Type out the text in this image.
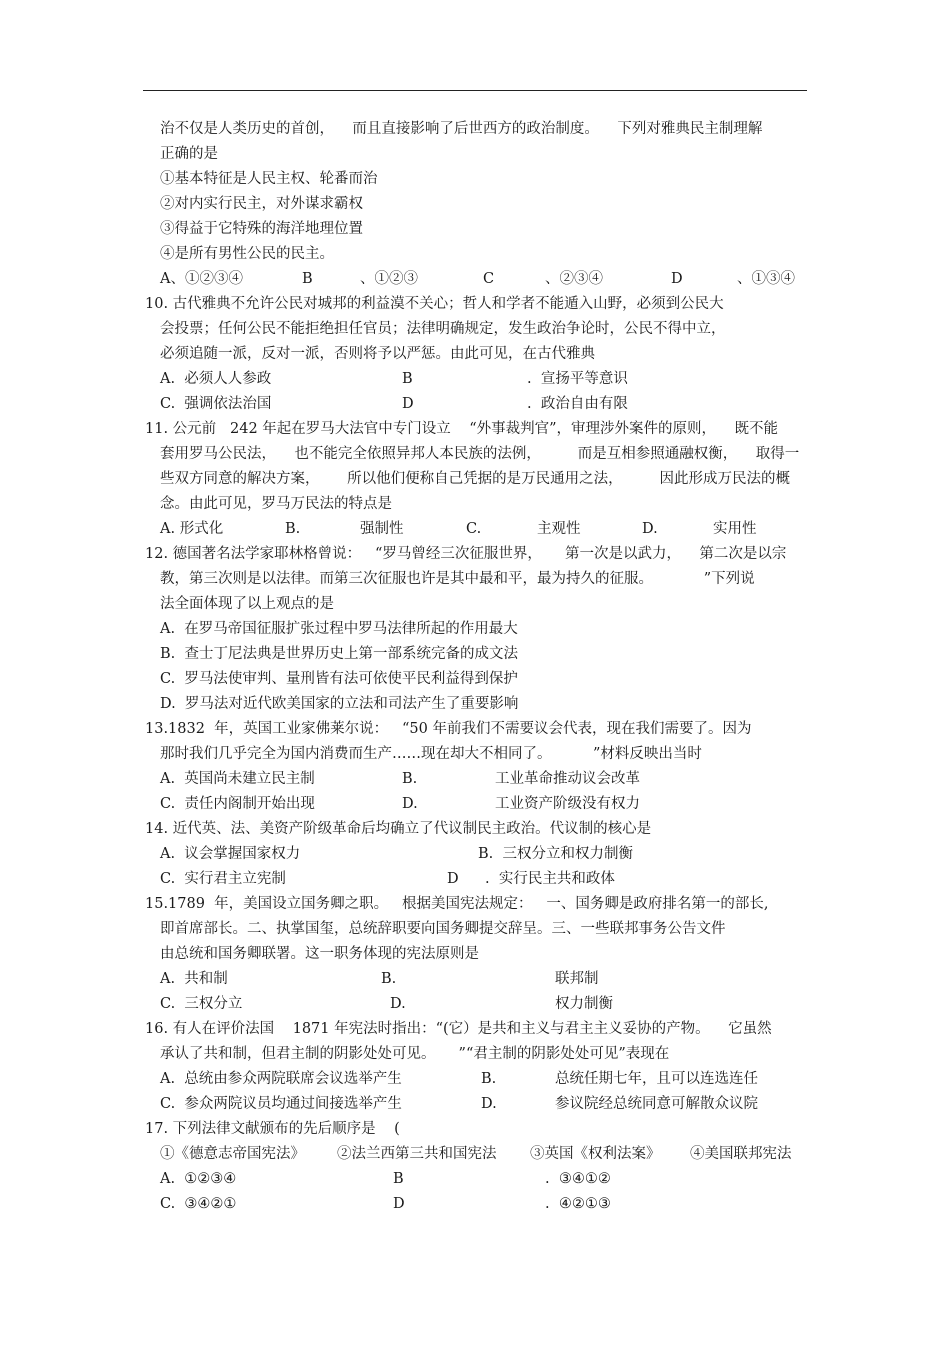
治不仅是人类历史的首创，    而且直接影响了后世西方的政治制度。    下列对雅典民主制理解
正确的是
①基本特征是人民主权、轮番而治
②对内实行民主，对外谋求霸权
③得益于它特殊的海洋地理位置
④是所有男性公民的民主。
A、①②③④	B	、①②③	C	、②③④	D	、①③④
10. 古代雅典不允许公民对城邦的利益漠不关心；哲人和学者不能遁入山野，必须到公民大
会投票；任何公民不能拒绝担任官员；法律明确规定，发生政治争论时，公民不得中立，
必须追随一派，反对一派，否则将予以严惩。由此可见，在古代雅典
A.  必须人人参政	B	.  宣扬平等意识
C.  强调依法治国	D	.  政治自由有限
11. 公元前   242 年起在罗马大法官中专门设立    “外事裁判官”，审理涉外案件的原则，    既不能
套用罗马公民法，    也不能完全依照异邦人本民族的法例，        而是互相参照通融权衡，    取得一
些双方同意的解决方案，      所以他们便称自己凭据的是万民通用之法，        因此形成万民法的概
念。由此可见，罗马万民法的特点是
A. 形式化	B.	强制性	C.	主观性	D.	实用性
12. 德国著名法学家耶林格曾说：   “罗马曾经三次征服世界，     第一次是以武力，    第二次是以宗
教，第三次则是以法律。而第三次征服也许是其中最和平，最为持久的征服。           ”下列说
法全面体现了以上观点的是
A.  在罗马帝国征服扩张过程中罗马法律所起的作用最大
B.  查士丁尼法典是世界历史上第一部系统完备的成文法
C.  罗马法使审判、量刑皆有法可依使平民利益得到保护
D.  罗马法对近代欧美国家的立法和司法产生了重要影响
13.1832  年，英国工业家佛莱尔说：   “50 年前我们不需要议会代表，现在我们需要了。因为
那时我们几乎完全为国内消费而生产……现在却大不相同了。         ”材料反映出当时
A.  英国尚未建立民主制	B.	工业革命推动议会改革
C.  责任内阁制开始出现	D.	工业资产阶级没有权力
14. 近代英、法、美资产阶级革命后均确立了代议制民主政治。代议制的核心是
A.  议会掌握国家权力	B.  三权分立和权力制衡
C.  实行君主立宪制	D .  实行民主共和政体
15.1789  年，美国设立国务卿之职。   根据美国宪法规定：   一、国务卿是政府排名第一的部长,
即首席部长。二、执掌国玺，总统辞职要向国务卿提交辞呈。三、一些联邦事务公告文件
由总统和国务卿联署。这一职务体现的宪法原则是
A.  共和制	B.	联邦制
C.  三权分立	D.	权力制衡
16. 有人在评价法国    1871 年宪法时指出：“(它）是共和主义与君主主义妥协的产物。    它虽然
承认了共和制，但君主制的阴影处处可见。     ”“君主制的阴影处处可见”表现在
A.  总统由参众两院联席会议选举产生	B.	总统任期七年，且可以连选连任
C.  参众两院议员均通过间接选举产生	D.	参议院经总统同意可解散众议院
17. 下列法律文献颁布的先后顺序是    (
①《德意志帝国宪法》 ②法兰西第三共和国宪法 ③英国《权利法案》 ④美国联邦宪法
A.  ①②③④	B	.  ③④①②
C.  ③④②①	D	.  ④②①③
